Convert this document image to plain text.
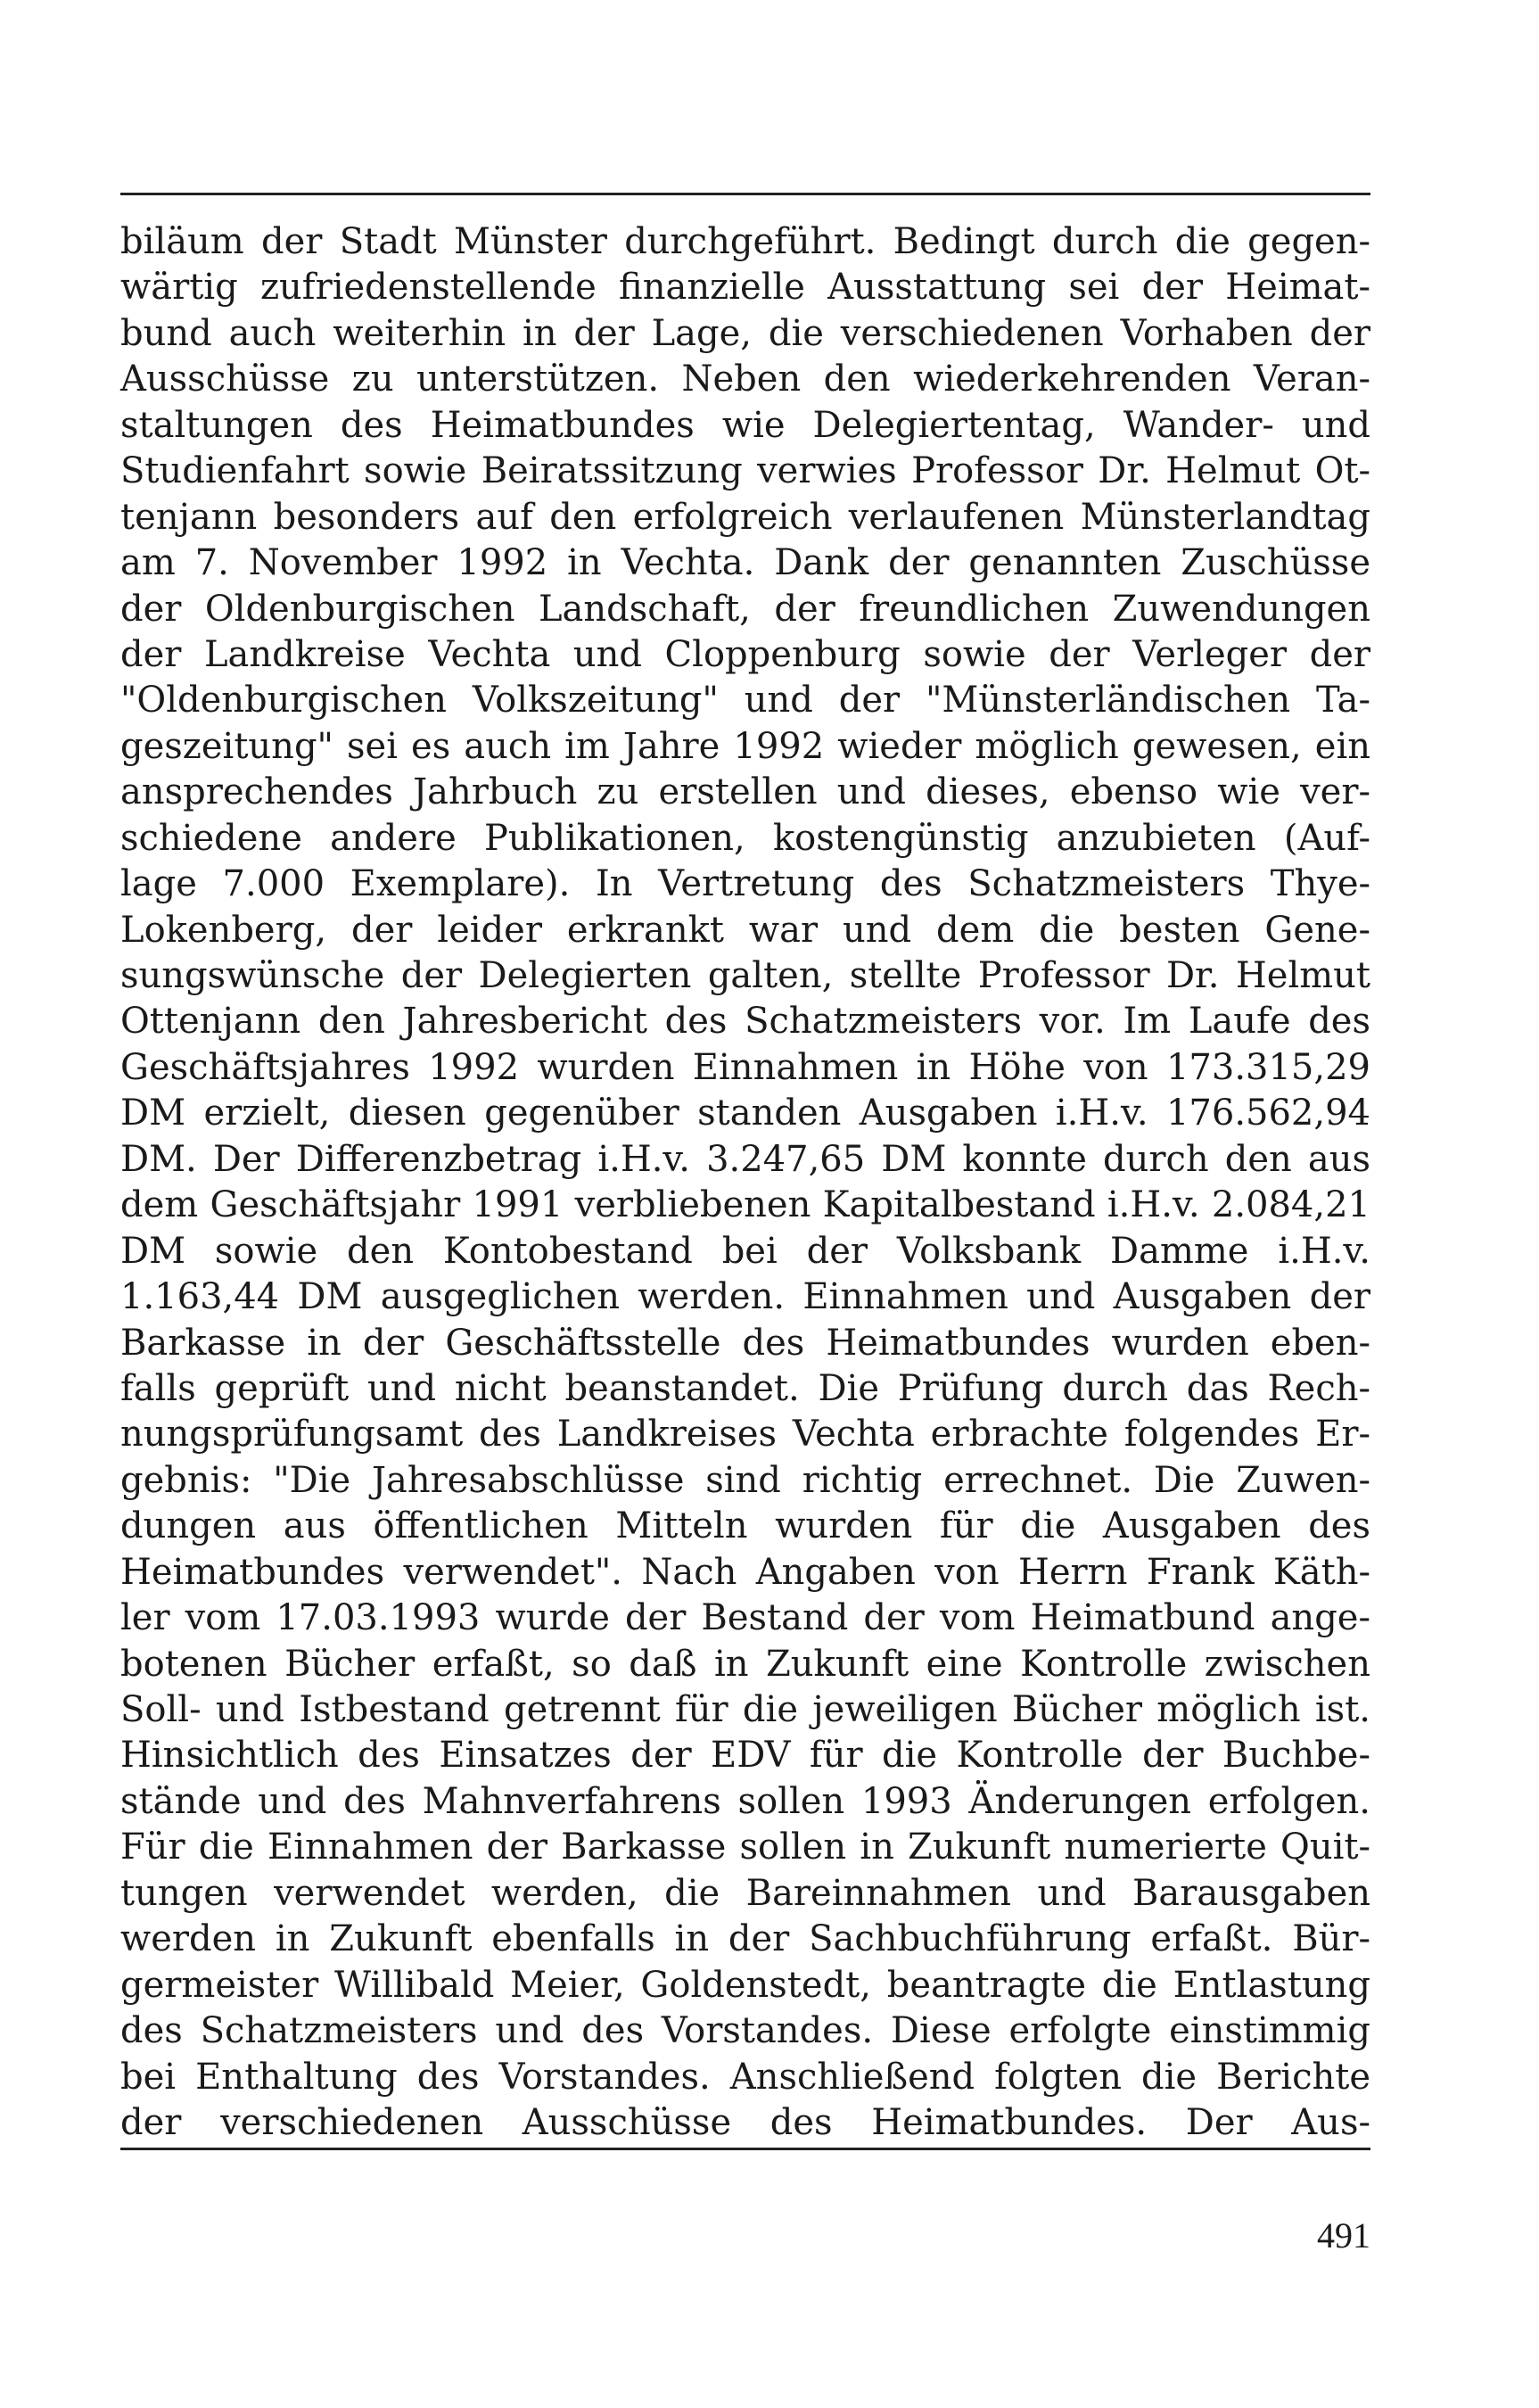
biläum der Stadt Münster durchgeführt. Bedingt durch die gegen-
wärtig zufriedenstellende finanzielle Ausstattung sei der Heimat-
bund auch weiterhin in der Lage, die verschiedenen Vorhaben der
Ausschüsse zu unterstützen. Neben den wiederkehrenden Veran-
staltungen des Heimatbundes wie Delegiertentag, Wander- und
Studienfahrt sowie Beiratssitzung verwies Professor Dr. Helmut Ot-
tenjann besonders auf den erfolgreich verlaufenen Münsterlandtag
am 7. November 1992 in Vechta. Dank der genannten Zuschüsse
der Oldenburgischen Landschaft, der freundlichen Zuwendungen
der Landkreise Vechta und Cloppenburg sowie der Verleger der
"Oldenburgischen Volkszeitung" und der "Münsterländischen Ta-
geszeitung" sei es auch im Jahre 1992 wieder möglich gewesen, ein
ansprechendes Jahrbuch zu erstellen und dieses, ebenso wie ver-
schiedene andere Publikationen, kostengünstig anzubieten (Auf-
lage 7.000 Exemplare). In Vertretung des Schatzmeisters Thye-
Lokenberg, der leider erkrankt war und dem die besten Gene-
sungswünsche der Delegierten galten, stellte Professor Dr. Helmut
Ottenjann den Jahresbericht des Schatzmeisters vor. Im Laufe des
Geschäftsjahres 1992 wurden Einnahmen in Höhe von 173.315,29
DM erzielt, diesen gegenüber standen Ausgaben i.H.v. 176.562,94
DM. Der Differenzbetrag i.H.v. 3.247,65 DM konnte durch den aus
dem Geschäftsjahr 1991 verbliebenen Kapitalbestand i.H.v. 2.084,21
DM sowie den Kontobestand bei der Volksbank Damme i.H.v.
1.163,44 DM ausgeglichen werden. Einnahmen und Ausgaben der
Barkasse in der Geschäftsstelle des Heimatbundes wurden eben-
falls geprüft und nicht beanstandet. Die Prüfung durch das Rech-
nungsprüfungsamt des Landkreises Vechta erbrachte folgendes Er-
gebnis: "Die Jahresabschlüsse sind richtig errechnet. Die Zuwen-
dungen aus öffentlichen Mitteln wurden für die Ausgaben des
Heimatbundes verwendet". Nach Angaben von Herrn Frank Käth-
ler vom 17.03.1993 wurde der Bestand der vom Heimatbund ange-
botenen Bücher erfaßt, so daß in Zukunft eine Kontrolle zwischen
Soll- und Istbestand getrennt für die jeweiligen Bücher möglich ist.
Hinsichtlich des Einsatzes der EDV für die Kontrolle der Buchbe-
stände und des Mahnverfahrens sollen 1993 Änderungen erfolgen.
Für die Einnahmen der Barkasse sollen in Zukunft numerierte Quit-
tungen verwendet werden, die Bareinnahmen und Barausgaben
werden in Zukunft ebenfalls in der Sachbuchführung erfaßt. Bür-
germeister Willibald Meier, Goldenstedt, beantragte die Entlastung
des Schatzmeisters und des Vorstandes. Diese erfolgte einstimmig
bei Enthaltung des Vorstandes. Anschließend folgten die Berichte
der verschiedenen Ausschüsse des Heimatbundes. Der Aus-
491
